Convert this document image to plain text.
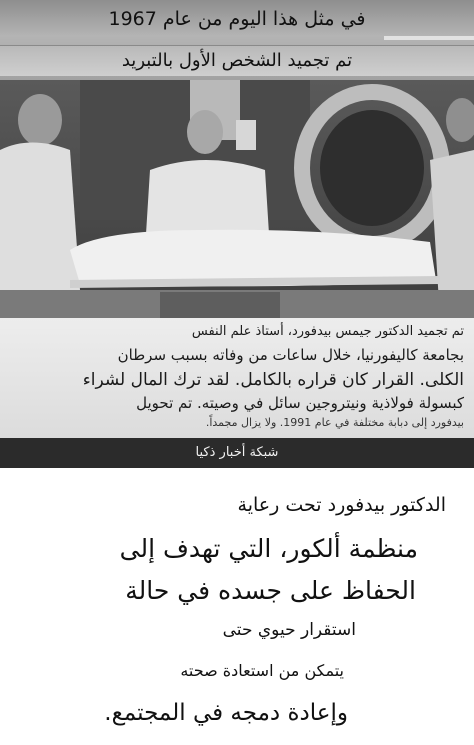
في مثل هذا اليوم من عام 1967
تم تجميد الشخص الأول بالتبريد
تم تجميد الدكتور جيمس بيدفورد، أستاذ علم النفس
بجامعة كاليفورنيا، خلال ساعات من وفاته بسبب سرطان
الكلى. القرار كان قراره بالكامل. لقد ترك المال لشراء
كبسولة فولاذية ونيتروجين سائل في وصيته. تم تحويل
بيدفورد إلى دبابة مختلفة في عام 1991. ولا يزال مجمداً.
شبكة أخبار ذكيا
الدكتور بيدفورد تحت رعاية
منظمة ألكور، التي تهدف إلى
الحفاظ على جسده في حالة
استقرار حيوي حتى
يتمكن من استعادة صحته
وإعادة دمجه في المجتمع.
